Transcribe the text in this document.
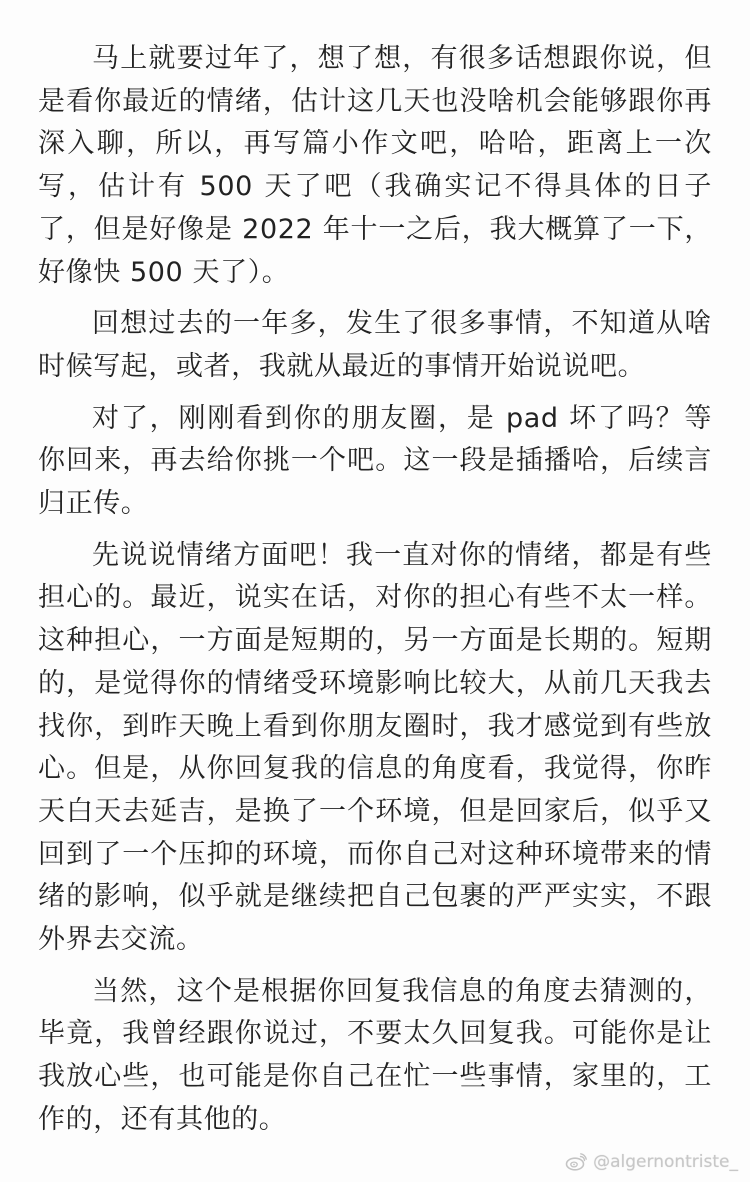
马上就要过年了，想了想，有很多话想跟你说，但是看你最近的情绪，估计这几天也没啥机会能够跟你再深入聊，所以，再写篇小作文吧，哈哈，距离上一次写，估计有 500 天了吧（我确实记不得具体的日子了，但是好像是 2022 年十一之后，我大概算了一下，好像快 500 天了）。

回想过去的一年多，发生了很多事情，不知道从啥时候写起，或者，我就从最近的事情开始说说吧。

对了，刚刚看到你的朋友圈，是 pad 坏了吗？等你回来，再去给你挑一个吧。这一段是插播哈，后续言归正传。

先说说情绪方面吧！我一直对你的情绪，都是有些担心的。最近，说实在话，对你的担心有些不太一样。这种担心，一方面是短期的，另一方面是长期的。短期的，是觉得你的情绪受环境影响比较大，从前几天我去找你，到昨天晚上看到你朋友圈时，我才感觉到有些放心。但是，从你回复我的信息的角度看，我觉得，你昨天白天去延吉，是换了一个环境，但是回家后，似乎又回到了一个压抑的环境，而你自己对这种环境带来的情绪的影响，似乎就是继续把自己包裹的严严实实，不跟外界去交流。

当然，这个是根据你回复我信息的角度去猜测的，毕竟，我曾经跟你说过，不要太久回复我。可能你是让我放心些，也可能是你自己在忙一些事情，家里的，工作的，还有其他的。

@algernontriste_
